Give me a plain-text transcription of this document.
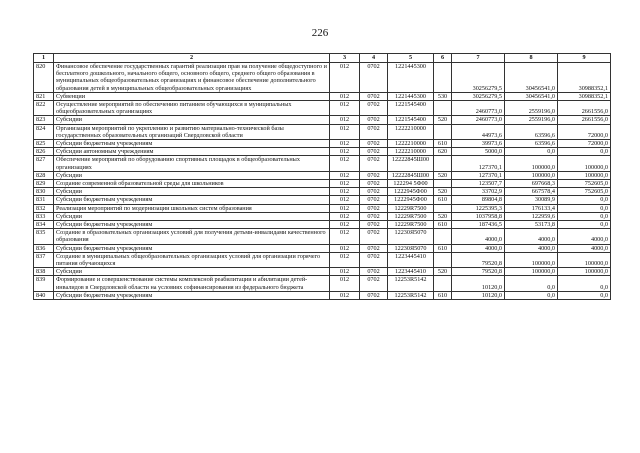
226
1	2	3	4	5	6	7	8	9
820	Финансовое обеспечение государственных гарантий реализации прав на получение общедоступного и бесплатного дошкольного, начального общего, основного общего, среднего общего образования в муниципальных общеобразовательных организациях и финансовое обеспечение дополнительного образования детей в муниципальных общеобразовательных организациях	012	0702	1221445300		30256279,5	30456541,0	30988352,1
821	Субвенции	012	0702	1221445300	530	30256279,5	30456541,0	30988352,1
822	Осуществление мероприятий по обеспечению питанием обучающихся в муниципальных общеобразовательных организациях	012	0702	1221545400		2460773,0	2559196,0	2661556,0
823	Субсидии	012	0702	1221545400	520	2460773,0	2559196,0	2661556,0
824	Организация мероприятий по укреплению и развитию материально-технической базы государственных образовательных организаций Свердловской области	012	0702	1222210000		44973,6	63596,6	72000,0
825	Субсидии бюджетным учреждениям	012	0702	1222210000	610	39973,6	63596,6	72000,0
826	Субсидии автономным учреждениям	012	0702	1222210000	620	5000,0	0,0	0,0
827	Обеспечение мероприятий по оборудованию спортивных площадок в общеобразовательных организациях	012	0702	12222845Ш00		127370,1	100000,0	100000,0
828	Субсидии	012	0702	12222845Ш00	520	127370,1	100000,0	100000,0
829	Создание современной образовательной среды для школьников	012	0702	122294 5Ф00		123507,7	697668,3	752605,0
830	Субсидии	012	0702	1222945Ф00	520	33702,9	667578,4	752605,0
831	Субсидии бюджетным учреждениям	012	0702	1222945Ф00	610	89804,8	30089,9	0,0
832	Реализация мероприятий по модернизации школьных систем образования	012	0702	12229R7500		1225395,3	176133,4	0,0
833	Субсидии	012	0702	12229R7500	520	1037958,8	122959,6	0,0
834	Субсидии бюджетным учреждениям	012	0702	12229R7500	610	187436,5	53173,8	0,0
835	Создание в образовательных организациях условий для получения детьми-инвалидами качественного образования	012	0702	12230Я5070		4000,0	4000,0	4000,0
836	Субсидии бюджетным учреждениям	012	0702	12230Я5070	610	4000,0	4000,0	4000,0
837	Создание в муниципальных общеобразовательных организациях условий для организации горячего питания обучающихся	012	0702	1223445410		79520,8	100000,0	100000,0
838	Субсидии	012	0702	1223445410	520	79520,8	100000,0	100000,0
839	Формирование и совершенствование системы комплексной реабилитации и абилитации детей-инвалидов в Свердловской области на условиях софинансирования из федерального бюджета	012	0702	12253R5142		10120,0	0,0	0,0
840	Субсидии бюджетным учреждениям	012	0702	12253R5142	610	10120,0	0,0	0,0
